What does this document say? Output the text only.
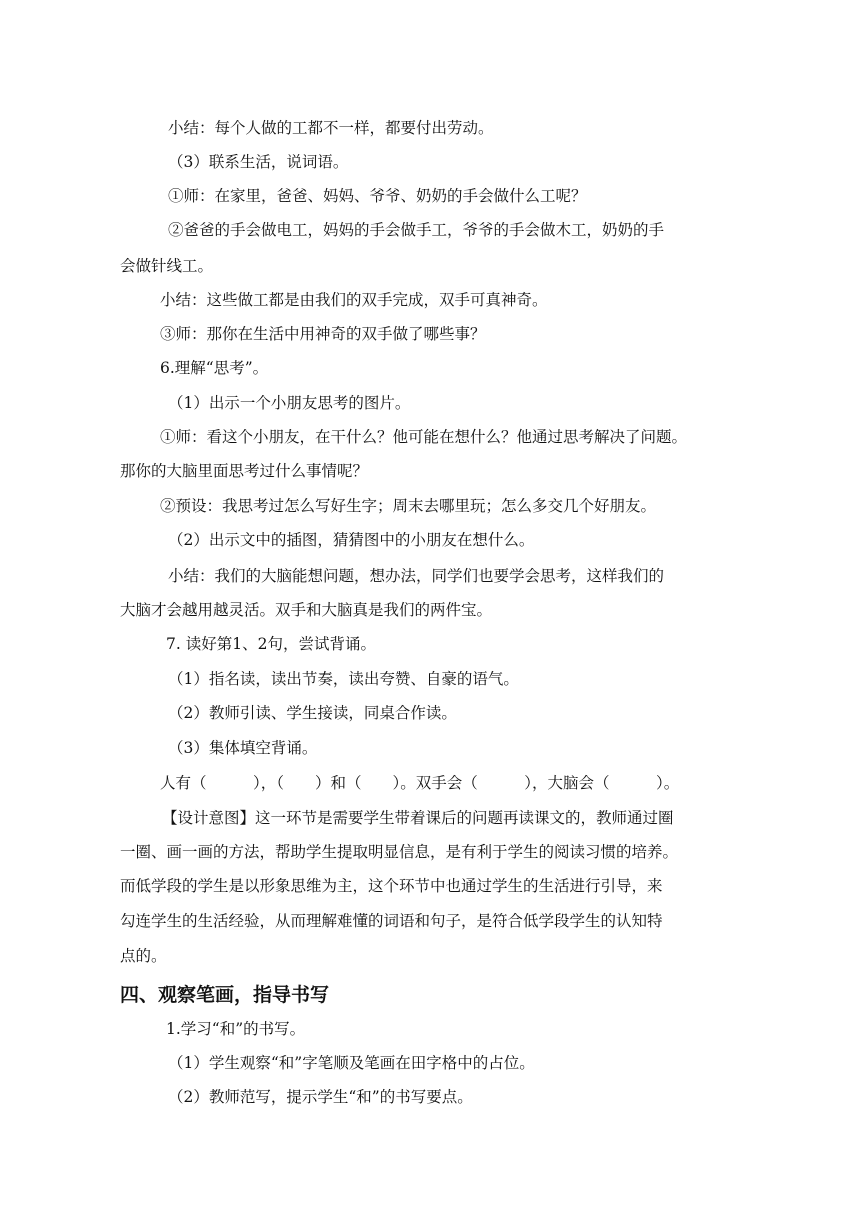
小结：每个人做的工都不一样，都要付出劳动。
（3）联系生活，说词语。
①师：在家里，爸爸、妈妈、爷爷、奶奶的手会做什么工呢？
②爸爸的手会做电工，妈妈的手会做手工，爷爷的手会做木工，奶奶的手
会做针线工。
小结：这些做工都是由我们的双手完成，双手可真神奇。
③师：那你在生活中用神奇的双手做了哪些事？
6.理解“思考”。
（1）出示一个小朋友思考的图片。
①师：看这个小朋友，在干什么？他可能在想什么？他通过思考解决了问题。
那你的大脑里面思考过什么事情呢？
②预设：我思考过怎么写好生字；周末去哪里玩；怎么多交几个好朋友。
（2）出示文中的插图，猜猜图中的小朋友在想什么。
小结：我们的大脑能想问题，想办法，同学们也要学会思考，这样我们的
大脑才会越用越灵活。双手和大脑真是我们的两件宝。
7. 读好第1、2句，尝试背诵。
（1）指名读，读出节奏，读出夸赞、自豪的语气。
（2）教师引读、学生接读，同桌合作读。
（3）集体填空背诵。
人有（　　　），（　　）和（　　）。双手会（　　　），大脑会（　　　）。
【设计意图】这一环节是需要学生带着课后的问题再读课文的，教师通过圈
一圈、画一画的方法，帮助学生提取明显信息，是有利于学生的阅读习惯的培养。
而低学段的学生是以形象思维为主，这个环节中也通过学生的生活进行引导，来
勾连学生的生活经验，从而理解难懂的词语和句子，是符合低学段学生的认知特
点的。
四、观察笔画，指导书写
1.学习“和”的书写。
（1）学生观察“和”字笔顺及笔画在田字格中的占位。
（2）教师范写，提示学生“和”的书写要点。
